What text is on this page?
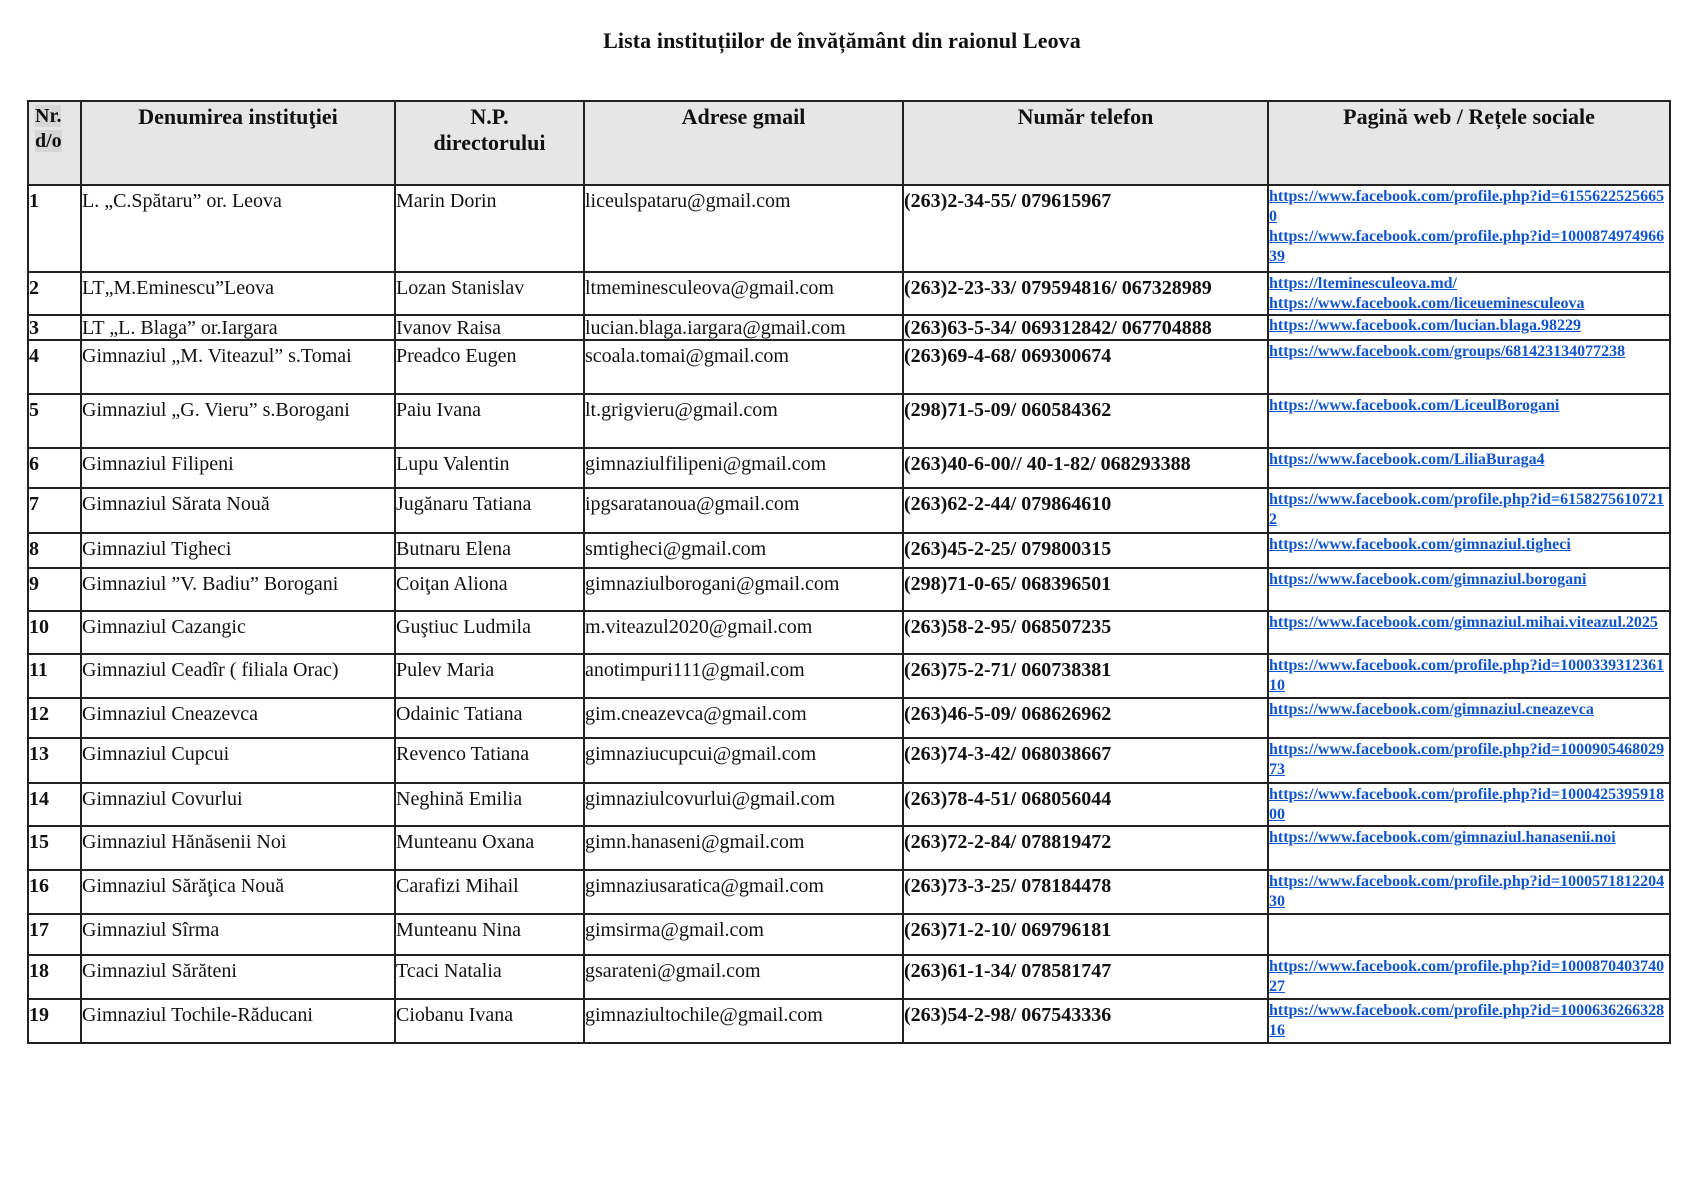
Lista instituțiilor de învățământ din raionul Leova
Nr.
d/o	Denumirea instituţiei	N.P.
directorului	Adrese gmail	Număr telefon	Pagină web / Rețele sociale
1	L. „C.Spătaru” or. Leova	Marin Dorin	liceulspataru@gmail.com	(263)2-34-55/ 079615967	https://www.facebook.com/profile.php?id=61556225256650
https://www.facebook.com/profile.php?id=100087497496639

2	LT„M.Eminescu”Leova	Lozan Stanislav	ltmeminesculeova@gmail.com	(263)2-23-33/ 079594816/ 067328989	https://lteminesculeova.md/
https://www.facebook.com/liceueminesculeova

3	LT „L. Blaga” or.Iargara	Ivanov Raisa	lucian.blaga.iargara@gmail.com	(263)63-5-34/ 069312842/ 067704888	https://www.facebook.com/lucian.blaga.98229

4	Gimnaziul „M. Viteazul” s.Tomai	Preadco Eugen	scoala.tomai@gmail.com	(263)69-4-68/ 069300674	https://www.facebook.com/groups/681423134077238

5	Gimnaziul „G. Vieru” s.Borogani	Paiu Ivana	lt.grigvieru@gmail.com	(298)71-5-09/ 060584362	https://www.facebook.com/LiceulBorogani

6	Gimnaziul Filipeni	Lupu Valentin	gimnaziulfilipeni@gmail.com	(263)40-6-00// 40-1-82/ 068293388	https://www.facebook.com/LiliaBuraga4

7	Gimnaziul Sărata Nouă	Jugănaru Tatiana	ipgsaratanoua@gmail.com	(263)62-2-44/ 079864610	https://www.facebook.com/profile.php?id=61582756107212

8	Gimnaziul Tigheci	Butnaru Elena	smtigheci@gmail.com	(263)45-2-25/ 079800315	https://www.facebook.com/gimnaziul.tigheci

9	Gimnaziul ”V. Badiu” Borogani	Coiţan Aliona	gimnaziulborogani@gmail.com	(298)71-0-65/ 068396501	https://www.facebook.com/gimnaziul.borogani

10	Gimnaziul Cazangic	Guştiuc Ludmila	m.viteazul2020@gmail.com	(263)58-2-95/ 068507235	https://www.facebook.com/gimnaziul.mihai.viteazul.2025

11	Gimnaziul Ceadîr ( filiala Orac)	Pulev Maria	anotimpuri111@gmail.com	(263)75-2-71/ 060738381	https://www.facebook.com/profile.php?id=100033931236110

12	Gimnaziul Cneazevca	Odainic Tatiana	gim.cneazevca@gmail.com	(263)46-5-09/ 068626962	https://www.facebook.com/gimnaziul.cneazevca

13	Gimnaziul Cupcui	Revenco Tatiana	gimnaziucupcui@gmail.com	(263)74-3-42/ 068038667	https://www.facebook.com/profile.php?id=100090546802973

14	Gimnaziul Covurlui	Neghină Emilia	gimnaziulcovurlui@gmail.com	(263)78-4-51/ 068056044	https://www.facebook.com/profile.php?id=100042539591800

15	Gimnaziul Hănăsenii Noi	Munteanu Oxana	gimn.hanaseni@gmail.com	(263)72-2-84/ 078819472	https://www.facebook.com/gimnaziul.hanasenii.noi

16	Gimnaziul Sărăţica Nouă	Carafizi Mihail	gimnaziusaratica@gmail.com	(263)73-3-25/ 078184478	https://www.facebook.com/profile.php?id=100057181220430

17	Gimnaziul Sîrma	Munteanu Nina	gimsirma@gmail.com	(263)71-2-10/ 069796181	
18	Gimnaziul Sărăteni	Tcaci Natalia	gsarateni@gmail.com	(263)61-1-34/ 078581747	https://www.facebook.com/profile.php?id=100087040374027

19	Gimnaziul Tochile-Răducani	Ciobanu Ivana	gimnaziultochile@gmail.com	(263)54-2-98/ 067543336	https://www.facebook.com/profile.php?id=100063626632816
